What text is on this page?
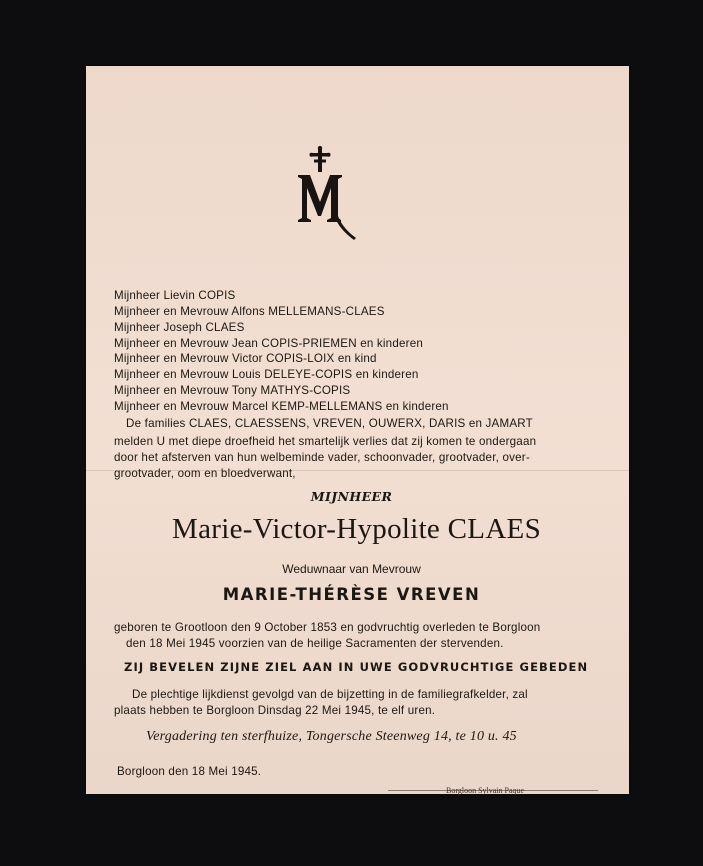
Mijnheer Lievin COPIS
Mijnheer en Mevrouw Alfons MELLEMANS-CLAES
Mijnheer Joseph CLAES
Mijnheer en Mevrouw Jean COPIS-PRIEMEN en kinderen
Mijnheer en Mevrouw Victor COPIS-LOIX en kind
Mijnheer en Mevrouw Louis DELEYE-COPIS en kinderen
Mijnheer en Mevrouw Tony MATHYS-COPIS
Mijnheer en Mevrouw Marcel KEMP-MELLEMANS en kinderen
De families CLAES, CLAESSENS, VREVEN, OUWERX, DARIS en JAMART
melden U met diepe droefheid het smartelijk verlies dat zij komen te ondergaan
door het afsterven van hun welbeminde vader, schoonvader, grootvader, over-
grootvader, oom en bloedverwant,
MIJNHEER
Marie-Victor-Hypolite CLAES
Weduwnaar van Mevrouw
MARIE-THÉRÈSE VREVEN
geboren te Grootloon den 9 October 1853 en godvruchtig overleden te Borgloon
den 18 Mei 1945 voorzien van de heilige Sacramenten der stervenden.
ZIJ BEVELEN ZIJNE ZIEL AAN IN UWE GODVRUCHTIGE GEBEDEN
De plechtige lijkdienst gevolgd van de bijzetting in de familiegrafkelder, zal
plaats hebben te Borgloon Dinsdag 22 Mei 1945, te elf uren.
Vergadering ten sterfhuize, Tongersche Steenweg 14, te 10 u. 45
Borgloon den 18 Mei 1945.
Borgloon Sylvain Paque
